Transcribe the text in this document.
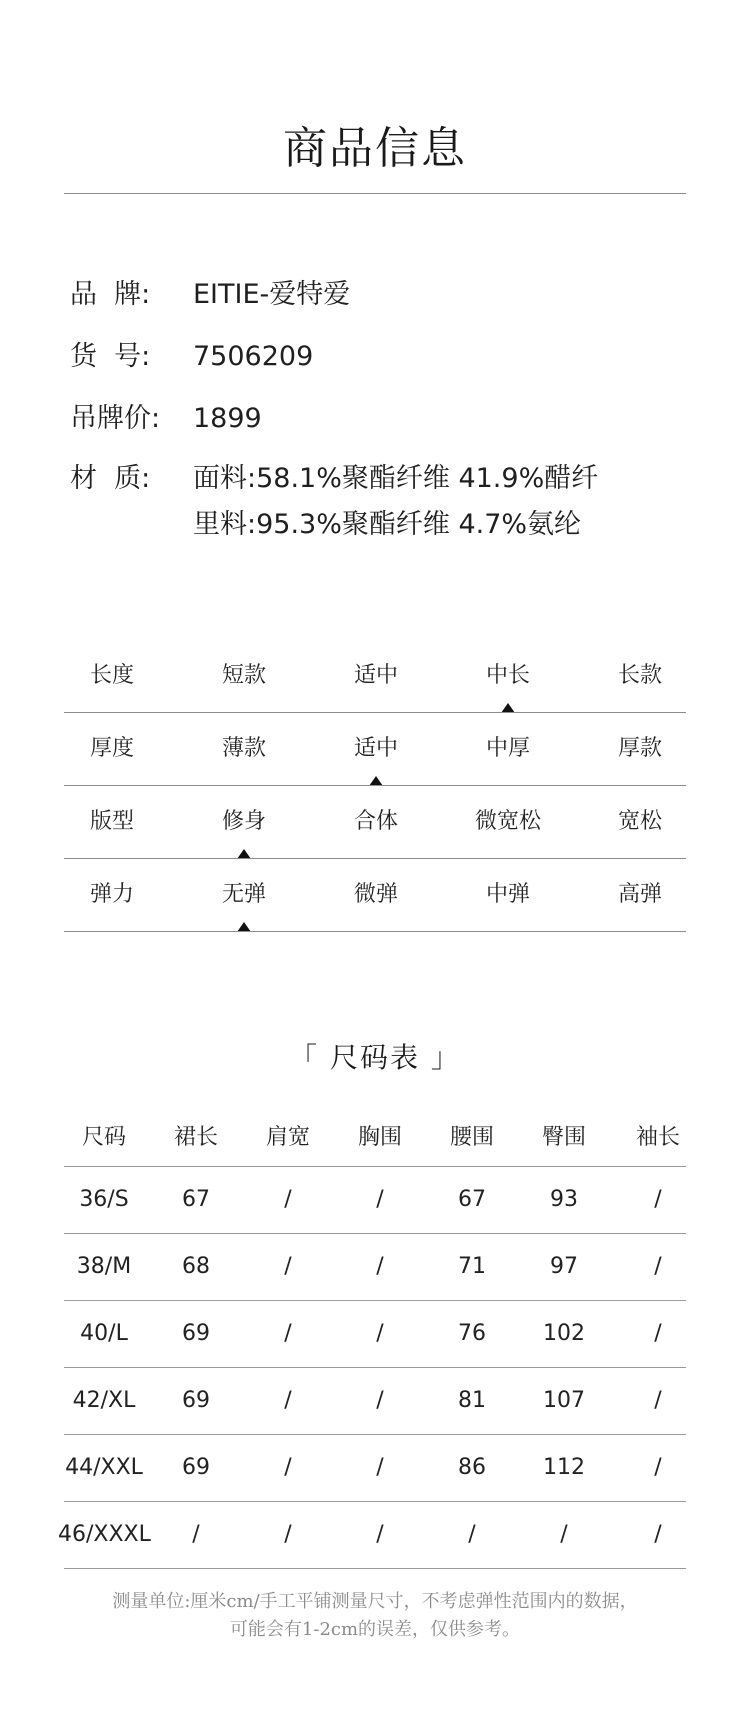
商品信息
品  牌: EITIE-爱特爱
货  号: 7506209
吊牌价: 1899
材  质: 面料:58.1%聚酯纤维 41.9%醋纤
里料:95.3%聚酯纤维 4.7%氨纶
长度	短款	适中	中长	长款
厚度	薄款	适中	中厚	厚款
版型	修身	合体	微宽松	宽松
弹力	无弹	微弹	中弹	高弹
「 尺码表 」
尺码	裙长	肩宽	胸围	腰围	臀围	袖长
36/S	67	/	/	67	93	/
38/M	68	/	/	71	97	/
40/L	69	/	/	76	102	/
42/XL	69	/	/	81	107	/
44/XXL	69	/	/	86	112	/
46/XXXL	/	/	/	/	/	/
测量单位:厘米cm/手工平铺测量尺寸，不考虑弹性范围内的数据，
可能会有1-2cm的误差，仅供参考。
